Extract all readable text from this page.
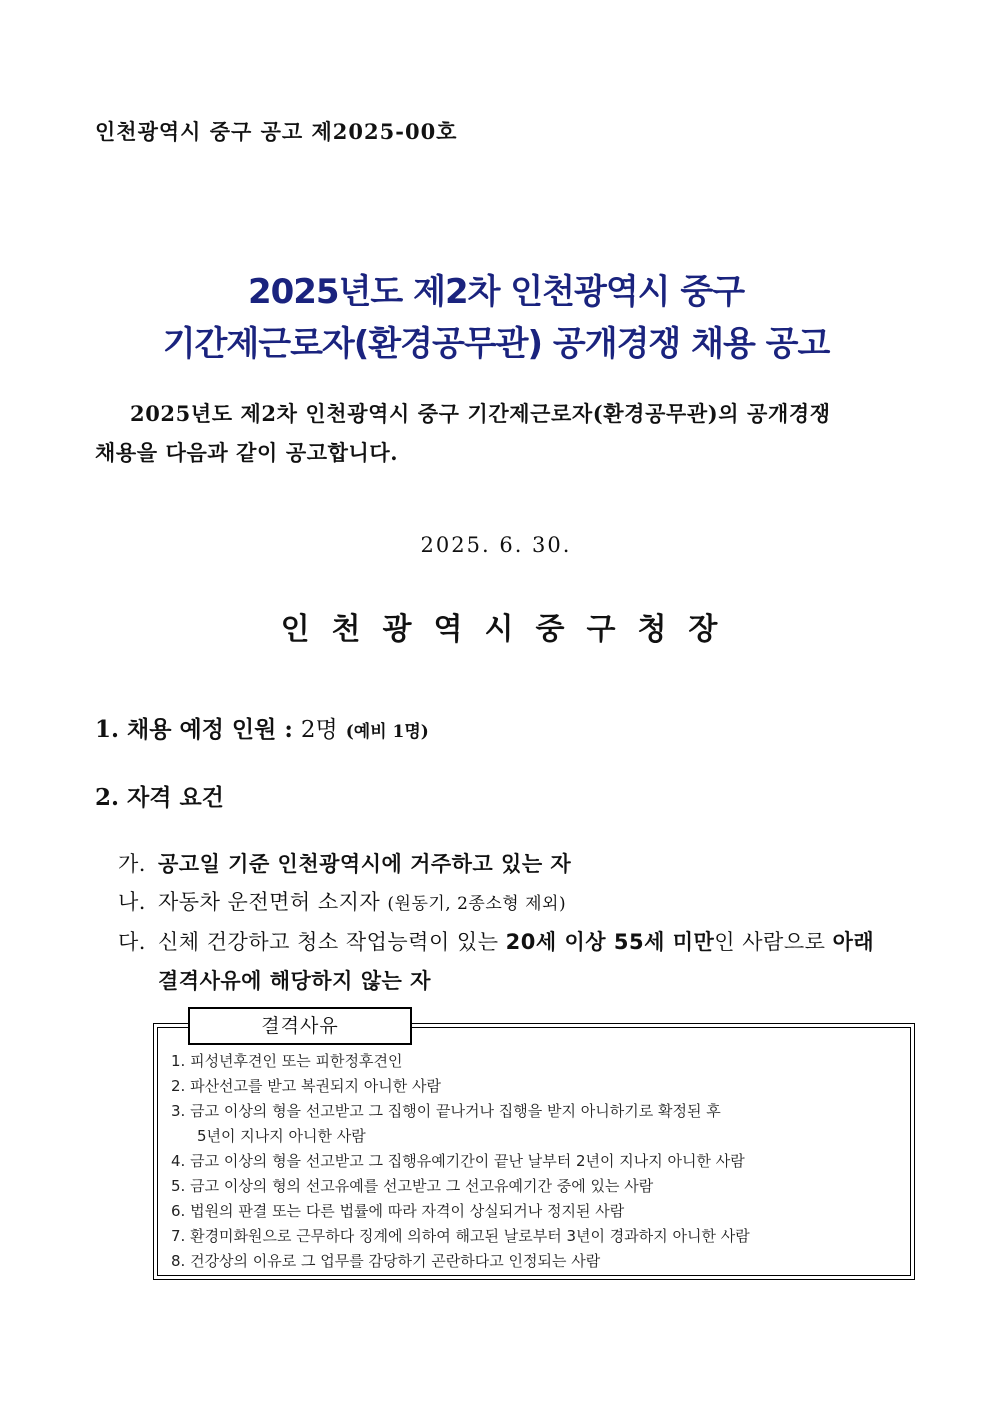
인천광역시 중구 공고 제2025-00호
2025년도 제2차 인천광역시 중구
기간제근로자(환경공무관) 공개경쟁 채용 공고
2025년도 제2차 인천광역시 중구 기간제근로자(환경공무관)의 공개경쟁
채용을 다음과 같이 공고합니다.
2025. 6. 30.
인천광역시중구청장
1. 채용 예정 인원 : 2명 (예비 1명)
2. 자격 요건
가. 공고일 기준 인천광역시에 거주하고 있는 자
나. 자동차 운전면허 소지자 (원동기, 2종소형 제외)
다. 신체 건강하고 청소 작업능력이 있는 20세 이상 55세 미만인 사람으로 아래
결격사유에 해당하지 않는 자
결격사유
1. 피성년후견인 또는 피한정후견인
2. 파산선고를 받고 복권되지 아니한 사람
3. 금고 이상의 형을 선고받고 그 집행이 끝나거나 집행을 받지 아니하기로 확정된 후
5년이 지나지 아니한 사람
4. 금고 이상의 형을 선고받고 그 집행유예기간이 끝난 날부터 2년이 지나지 아니한 사람
5. 금고 이상의 형의 선고유예를 선고받고 그 선고유예기간 중에 있는 사람
6. 법원의 판결 또는 다른 법률에 따라 자격이 상실되거나 정지된 사람
7. 환경미화원으로 근무하다 징계에 의하여 해고된 날로부터 3년이 경과하지 아니한 사람
8. 건강상의 이유로 그 업무를 감당하기 곤란하다고 인정되는 사람
